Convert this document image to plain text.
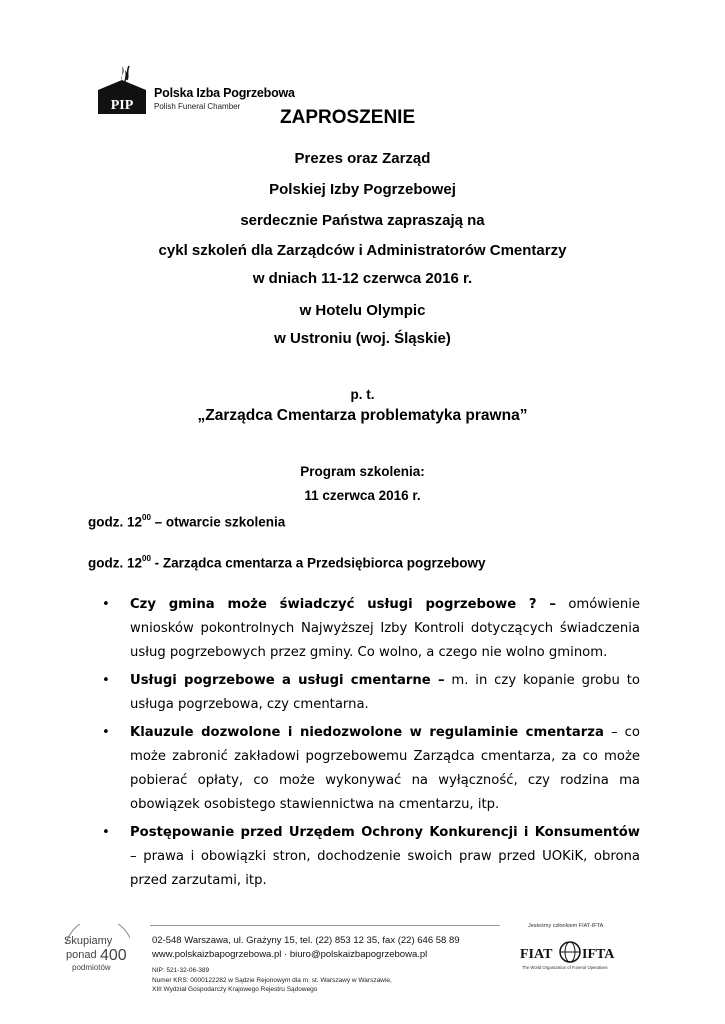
PIP
Polska Izba Pogrzebowa
Polish Funeral Chamber
ZAPROSZENIE
Prezes oraz Zarząd
Polskiej Izby Pogrzebowej
serdecznie Państwa zapraszają na
cykl szkoleń dla Zarządców i Administratorów Cmentarzy
w dniach 11-12 czerwca 2016 r.
w Hotelu Olympic
w Ustroniu (woj. Śląskie)
p. t.
„Zarządca Cmentarza problematyka prawna”
Program szkolenia:
11 czerwca 2016 r.
godz. $12^{00}$ – otwarcie szkolenia
godz. $12^{00}$ - Zarządca cmentarza a Przedsiębiorca pogrzebowy
• Czy gmina może świadczyć usługi pogrzebowe ? – omówienie wniosków pokontrolnych Najwyższej Izby Kontroli dotyczących świadczenia usług pogrzebowych przez gminy. Co wolno, a czego nie wolno gminom.
• Usługi pogrzebowe a usługi cmentarne – m. in czy kopanie grobu to usługa pogrzebowa, czy cmentarna.
• Klauzule dozwolone i niedozwolone w regulaminie cmentarza – co może zabronić zakładowi pogrzebowemu Zarządca cmentarza, za co może pobierać opłaty, co może wykonywać na wyłączność, czy rodzina ma obowiązek osobistego stawiennictwa na cmentarzu, itp.
• Postępowanie przed Urzędem Ochrony Konkurencji i Konsumentów – prawa i obowiązki stron, dochodzenie swoich praw przed UOKiK, obrona przed zarzutami, itp.
Skupiamy
ponad 400
podmiotów
02-548 Warszawa, ul. Grażyny 15, tel. (22) 853 12 35, fax (22) 646 58 89
www.polskaizbapogrzebowa.pl · biuro@polskaizbapogrzebowa.pl
NIP: 521-32-06-389
Numer KRS: 0000122282 w Sądzie Rejonowym dla m. st. Warszawy w Warszawie,
XIII Wydział Gospodarczy Krajowego Rejestru Sądowego
Jesteśmy członkiem FIAT-IFTA
FIAT IFTA
The World Organization of Funeral Operatives
